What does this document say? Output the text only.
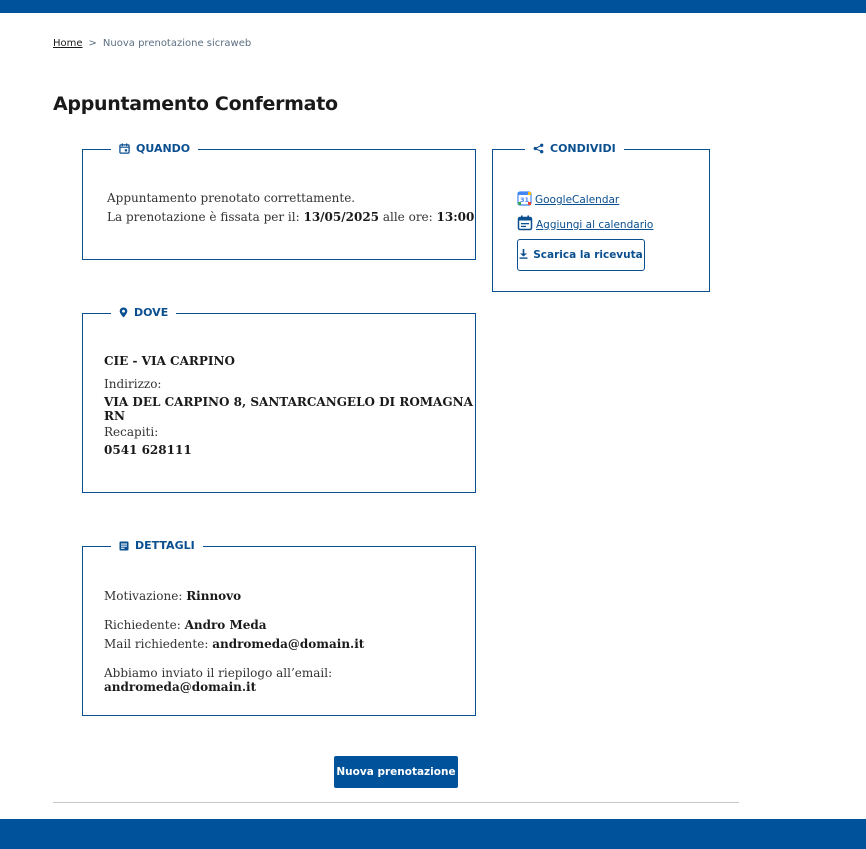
Home > Nuova prenotazione sicraweb
Appuntamento Confermato
QUANDO
Appuntamento prenotato correttamente.
La prenotazione è fissata per il: 13/05/2025 alle ore: 13:00
CONDIVIDI
31 GoogleCalendar
Aggiungi al calendario
Scarica la ricevuta
DOVE
CIE - VIA CARPINO
Indirizzo:
VIA DEL CARPINO 8, SANTARCANGELO DI ROMAGNA RN
Recapiti:
0541 628111
DETTAGLI
Motivazione: Rinnovo
Richiedente: Andro Meda
Mail richiedente: andromeda@domain.it
Abbiamo inviato il riepilogo all’email: andromeda@domain.it
Nuova prenotazione
